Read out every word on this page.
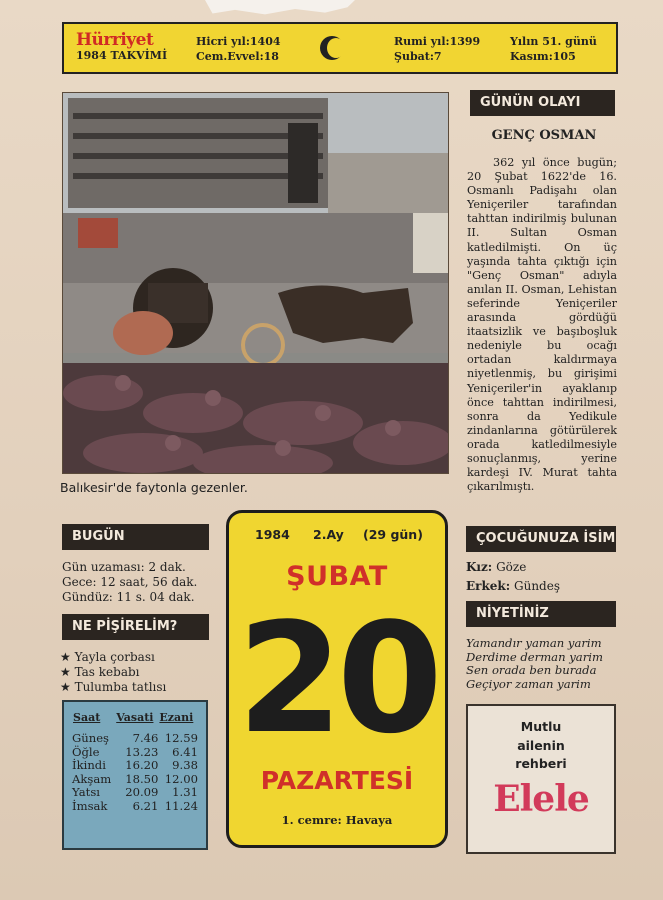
Hürriyet
1984 TAKVİMİ
Hicri yıl:1404
Cem.Evvel:18
Rumi yıl:1399
Şubat:7
Yılın 51. günü
Kasım:105
Balıkesir'de faytonla gezenler.
GÜNÜN OLAYI
GENÇ OSMAN

362 yıl önce bugün; 20 Şubat 1622'de 16. Osmanlı Padişahı olan Yeniçeriler tarafından tahttan indirilmiş bulunan II. Sultan Osman katledilmişti. On üç yaşında tahta çıktığı için "Genç Osman" adıyla anılan II. Osman, Lehistan seferinde Yeniçeriler arasında gördüğü itaatsizlik ve başıboşluk nedeniyle bu ocağı ortadan kaldırmaya niyetlenmiş, bu girişimi Yeniçeriler'in ayaklanıp önce tahttan indirilmesi, sonra da Yedikule zindanlarına götürülerek orada katledilmesiyle sonuçlanmış, yerine kardeşi IV. Murat tahta çıkarılmıştı.

BUGÜN
Gün uzaması: 2 dak.
Gece: 12 saat, 56 dak.
Gündüz: 11 s. 04 dak.
NE PİŞİRELİM?
★ Yayla çorbası
★ Tas kebabı
★ Tulumba tatlısı
Saat	Vasati	Ezani
Güneş	7.46	12.59
Öğle	13.23	6.41
İkindi	16.20	9.38
Akşam	18.50	12.00
Yatsı	20.09	1.31
İmsak	6.21	11.24
1984 2.Ay (29 gün)
ŞUBAT
20
PAZARTESİ
1. cemre: Havaya
ÇOCUĞUNUZA İSİM
Kız: Göze
Erkek: Gündeş
NİYETİNİZ
Yamandır yaman yarim
Derdime derman yarim
Sen orada ben burada
Geçiyor zaman yarim
Mutlu
ailenin
rehberi
Elele
